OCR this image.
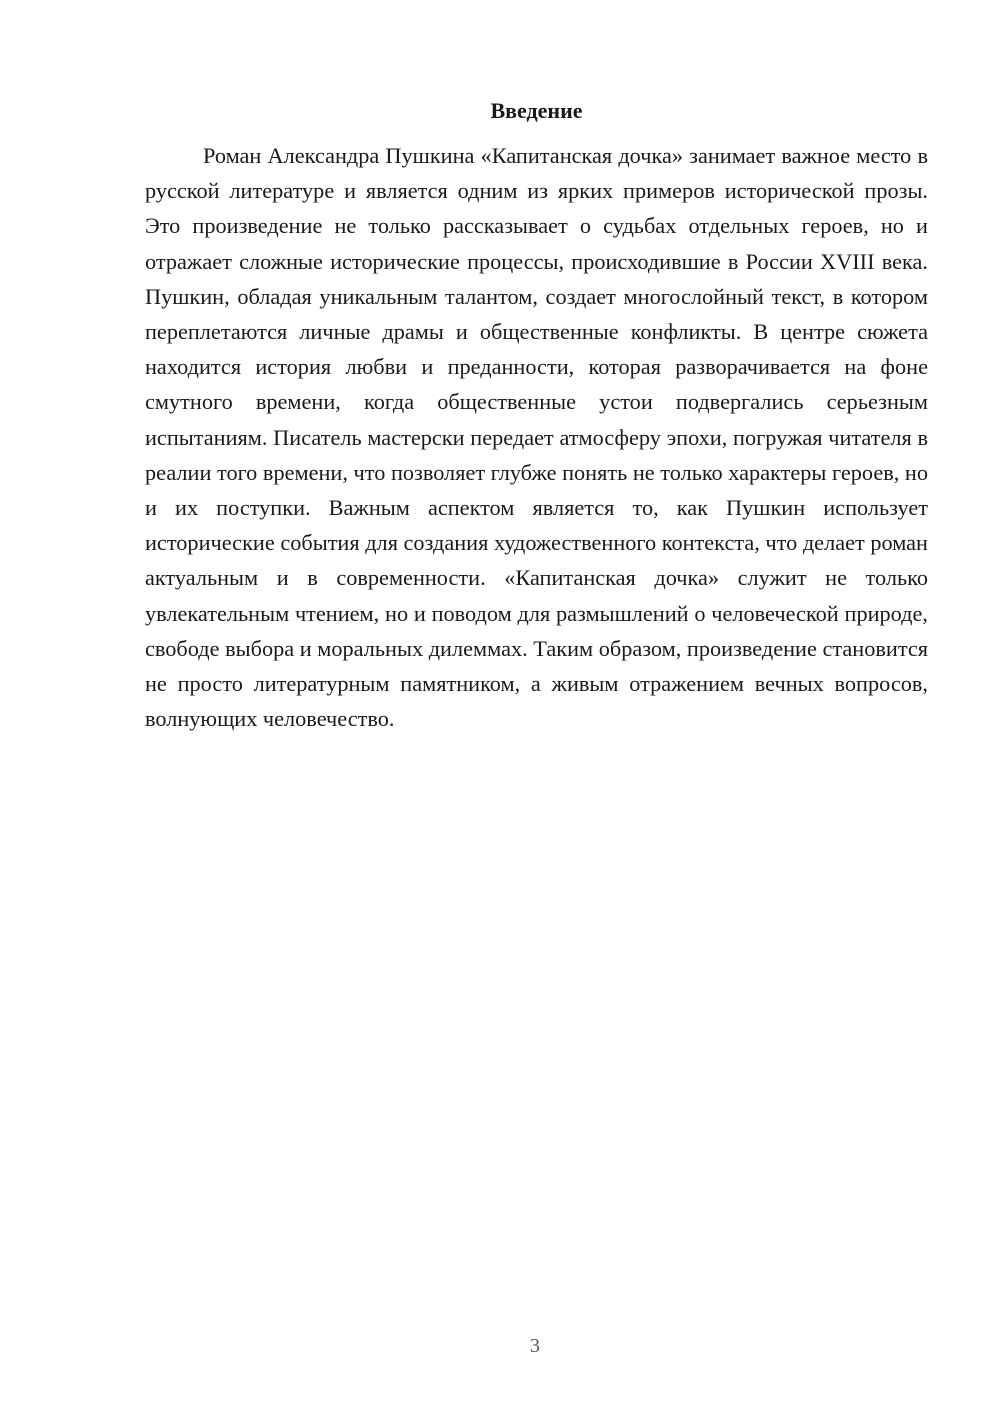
Введение

Роман Александра Пушкина «Капитанская дочка» занимает важное место в русской литературе и является одним из ярких примеров исторической прозы. Это произведение не только рассказывает о судьбах отдельных героев, но и отражает сложные исторические процессы, происходившие в России XVIII века. Пушкин, обладая уникальным талантом, создает многослойный текст, в котором переплетаются личные драмы и общественные конфликты. В центре сюжета находится история любви и преданности, которая разворачивается на фоне смутного времени, когда общественные устои подвергались серьезным испытаниям. Писатель мастерски передает атмосферу эпохи, погружая читателя в реалии того времени, что позволяет глубже понять не только характеры героев, но и их поступки. Важным аспектом является то, как Пушкин использует исторические события для создания художественного контекста, что делает роман актуальным и в современности. «Капитанская дочка» служит не только увлекательным чтением, но и поводом для размышлений о человеческой природе, свободе выбора и моральных дилеммах. Таким образом, произведение становится не просто литературным памятником, а живым отражением вечных вопросов, волнующих человечество.

3
